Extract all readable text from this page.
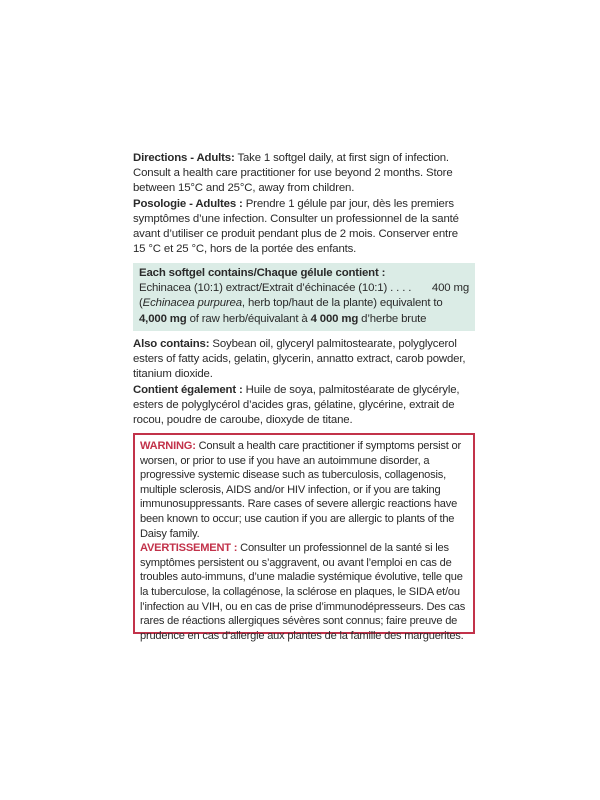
Directions - Adults: Take 1 softgel daily, at first sign of infection. Consult a health care practitioner for use beyond 2 months. Store between 15°C and 25°C, away from children.

Posologie - Adultes : Prendre 1 gélule par jour, dès les premiers symptômes d’une infection. Consulter un professionnel de la santé avant d’utiliser ce produit pendant plus de 2 mois. Conserver entre 15 °C et 25 °C, hors de la portée des enfants.

Each softgel contains/Chaque gélule contient :
Echinacea (10:1) extract/Extrait d’échinacée (10:1) . . . . 400 mg
(Echinacea purpurea, herb top/haut de la plante) equivalent to
4,000 mg of raw herb/équivalant à 4 000 mg d’herbe brute

Also contains: Soybean oil, glyceryl palmitostearate, polyglycerol esters of fatty acids, gelatin, glycerin, annatto extract, carob powder, titanium dioxide.

Contient également : Huile de soya, palmitostéarate de glycéryle, esters de polyglycérol d’acides gras, gélatine, glycérine, extrait de rocou, poudre de caroube, dioxyde de titane.

WARNING: Consult a health care practitioner if symptoms persist or worsen, or prior to use if you have an autoimmune disorder, a progressive systemic disease such as tuberculosis, collagenosis, multiple sclerosis, AIDS and/or HIV infection, or if you are taking immunosuppressants. Rare cases of severe allergic reactions have been known to occur; use caution if you are allergic to plants of the Daisy family.

AVERTISSEMENT : Consulter un professionnel de la santé si les symptômes persistent ou s’aggravent, ou avant l’emploi en cas de troubles auto-immuns, d’une maladie systémique évolutive, telle que la tuberculose, la collagénose, la sclérose en plaques, le SIDA et/ou l’infection au VIH, ou en cas de prise d’immunodépresseurs. Des cas rares de réactions allergiques sévères sont connus; faire preuve de prudence en cas d’allergie aux plantes de la famille des marguerites.
